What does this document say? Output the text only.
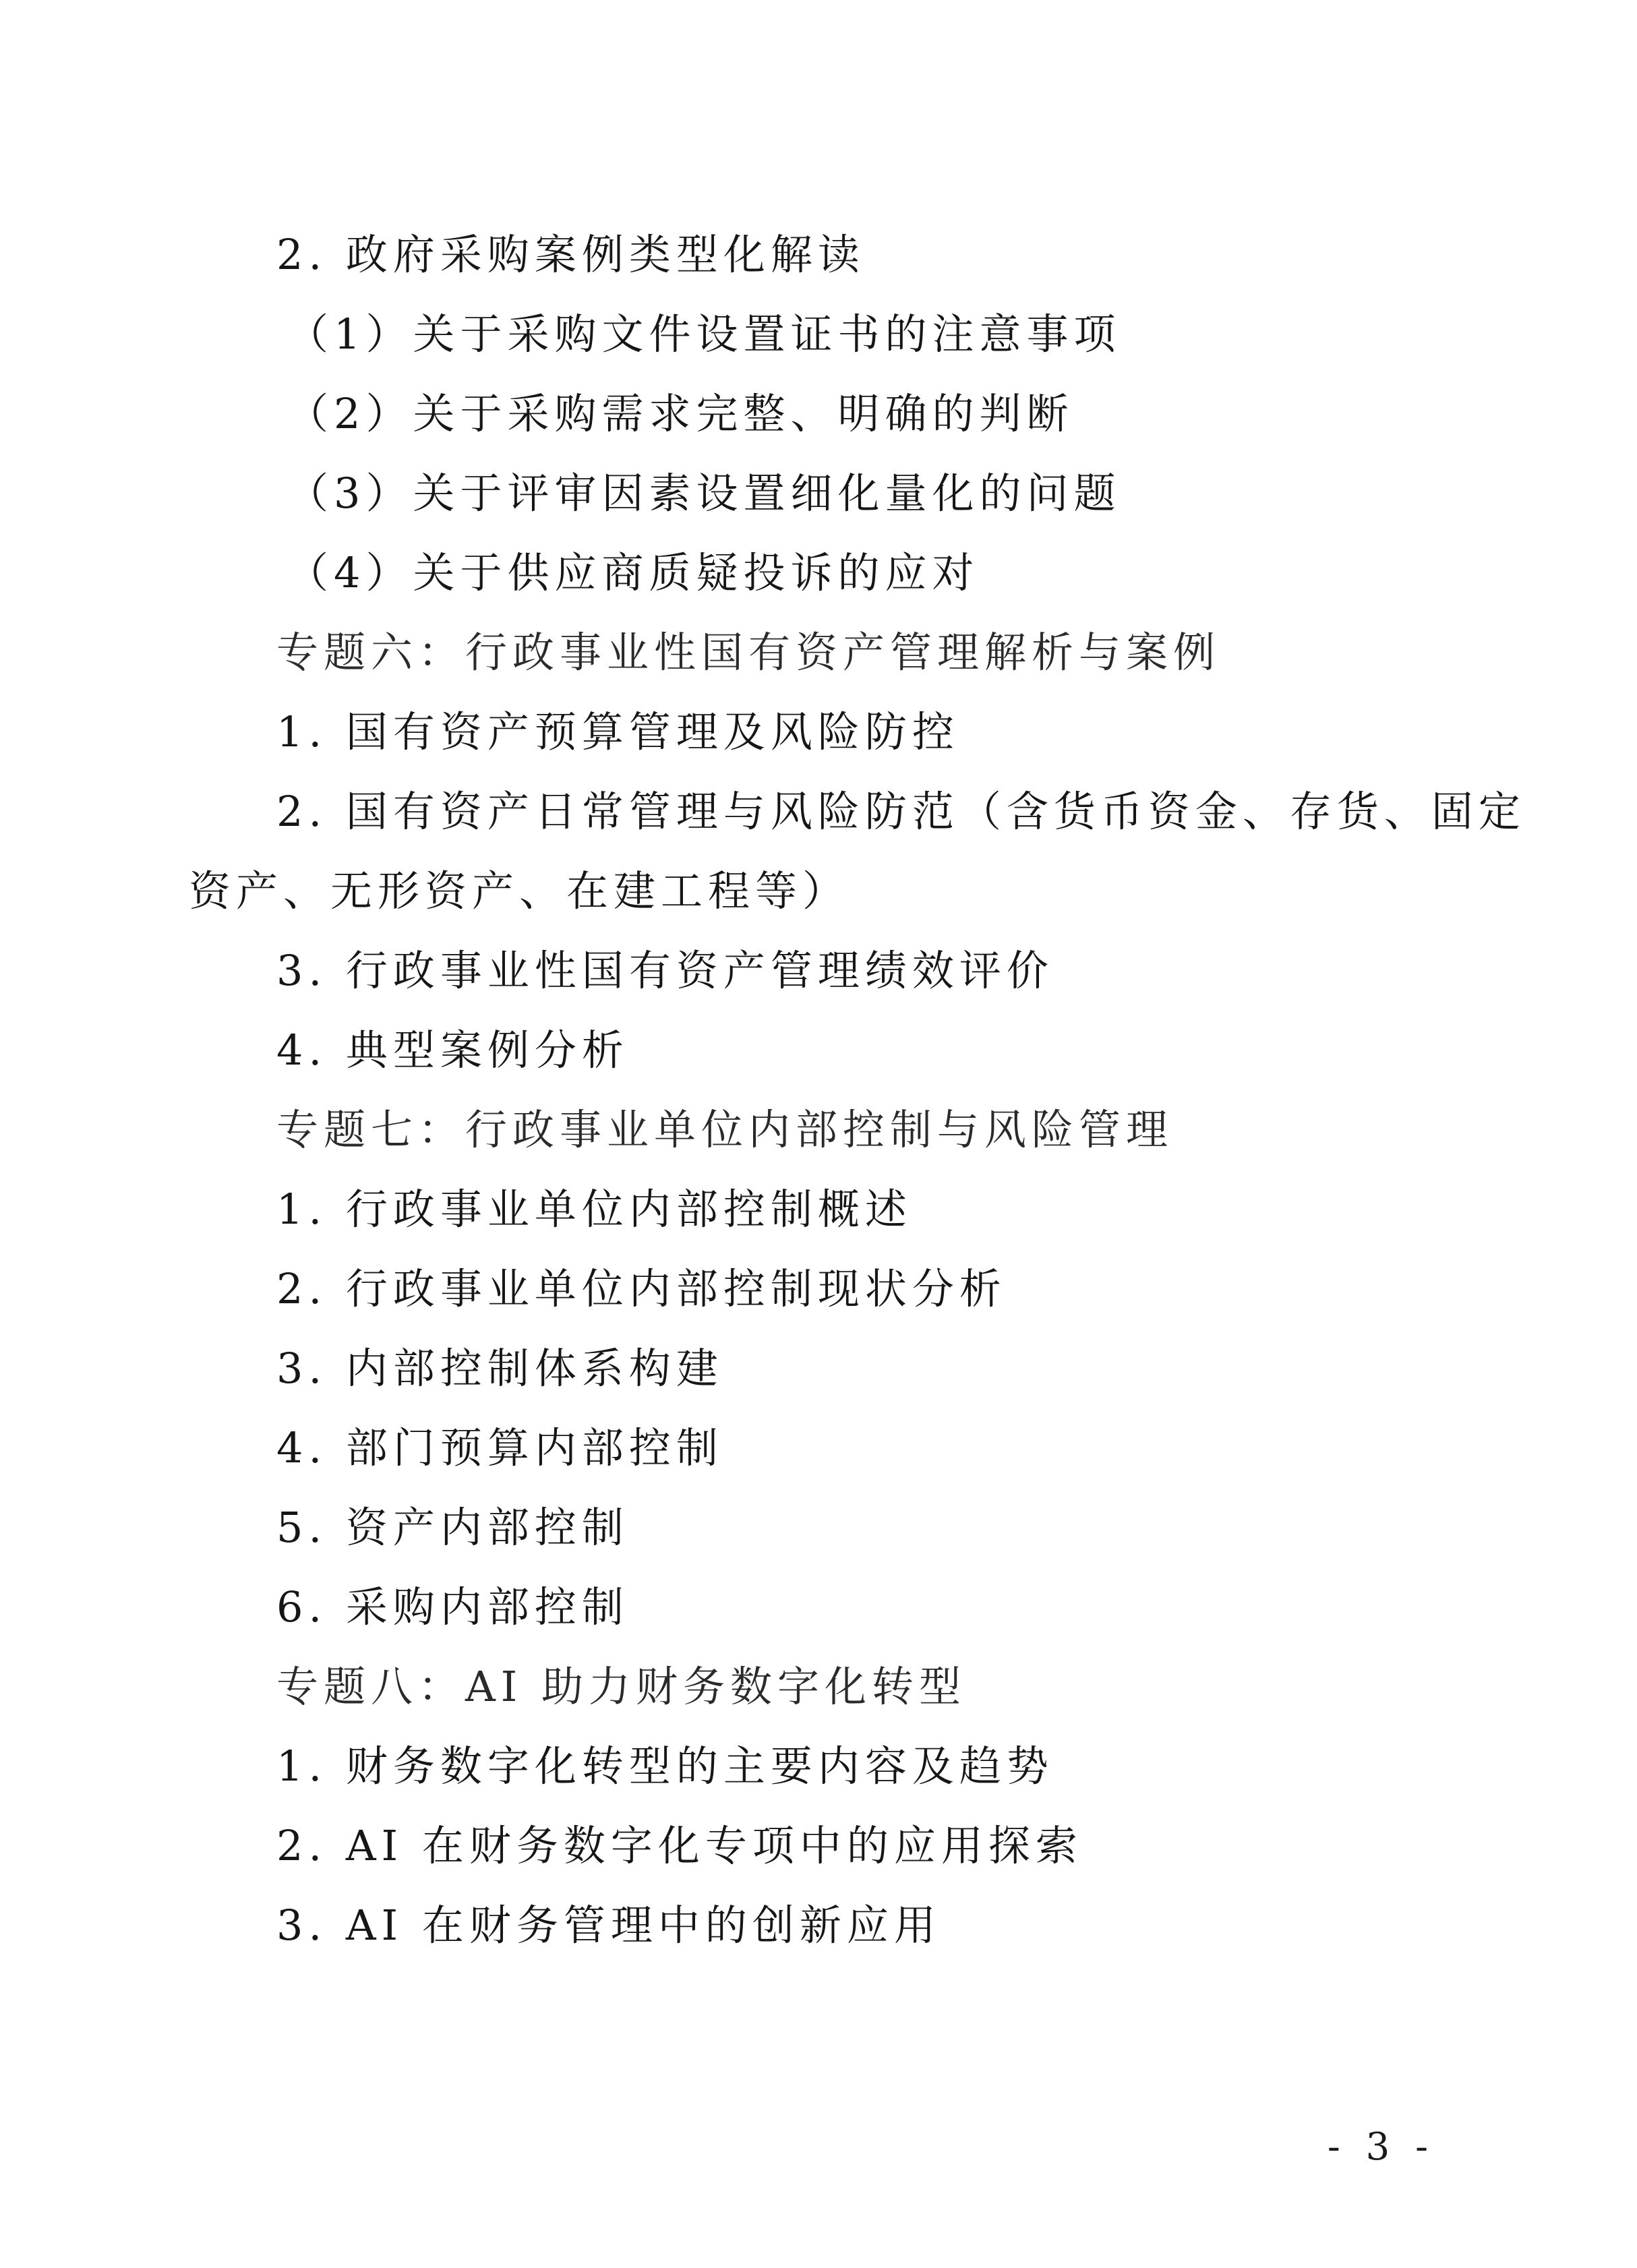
2. 政府采购案例类型化解读
（1）关于采购文件设置证书的注意事项
（2）关于采购需求完整、明确的判断
（3）关于评审因素设置细化量化的问题
（4）关于供应商质疑投诉的应对
专题六：行政事业性国有资产管理解析与案例
1. 国有资产预算管理及风险防控
2. 国有资产日常管理与风险防范（含货币资金、存货、固定
资产、无形资产、在建工程等）
3. 行政事业性国有资产管理绩效评价
4. 典型案例分析
专题七：行政事业单位内部控制与风险管理
1. 行政事业单位内部控制概述
2. 行政事业单位内部控制现状分析
3. 内部控制体系构建
4. 部门预算内部控制
5. 资产内部控制
6. 采购内部控制
专题八：AI 助力财务数字化转型
1. 财务数字化转型的主要内容及趋势
2. AI 在财务数字化专项中的应用探索
3. AI 在财务管理中的创新应用
- 3 -
